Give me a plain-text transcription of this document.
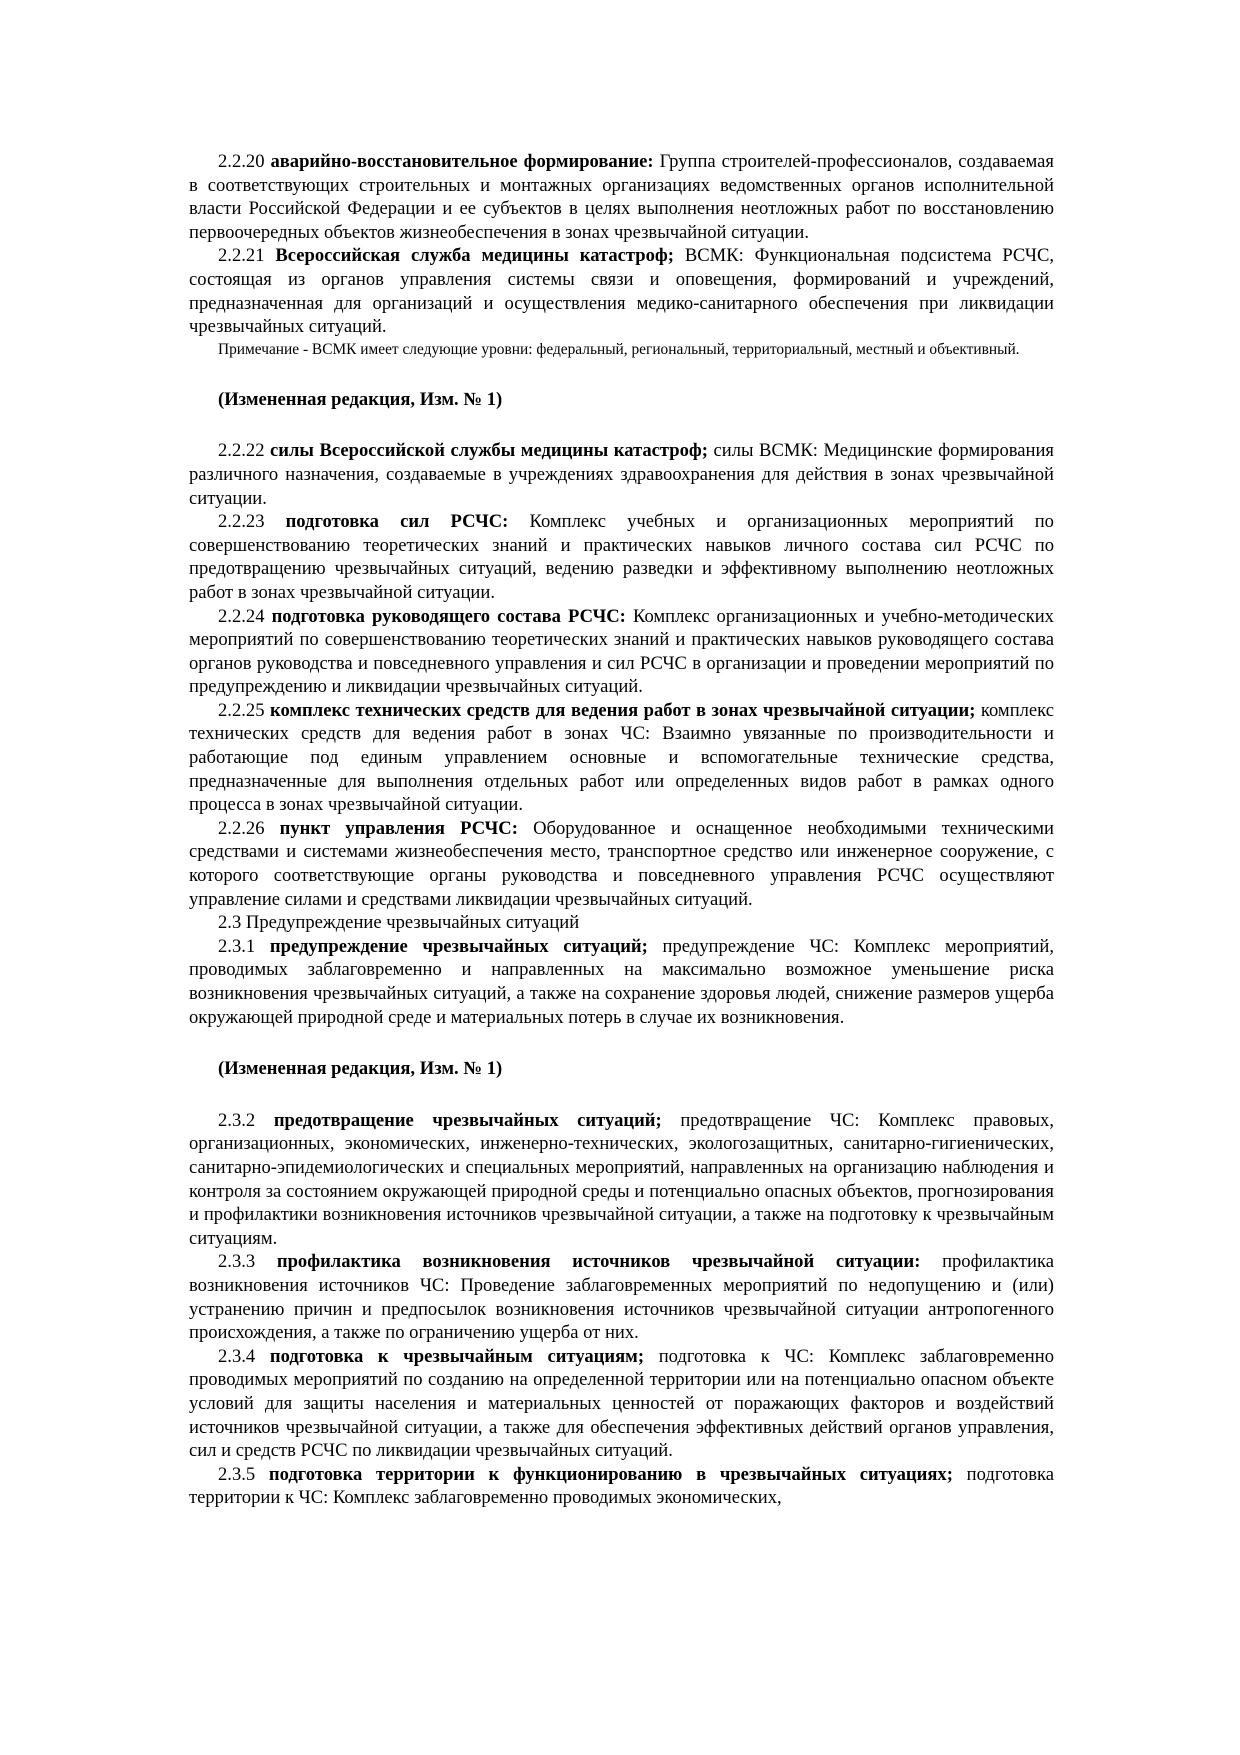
2.2.20 аварийно-восстановительное формирование: Группа строителей-профессионалов, создаваемая в соответствующих строительных и монтажных организациях ведомственных органов исполнительной власти Российской Федерации и ее субъектов в целях выполнения неотложных работ по восстановлению первоочередных объектов жизнеобеспечения в зонах чрезвычайной ситуации.

2.2.21 Всероссийская служба медицины катастроф; ВСМК: Функциональная подсистема РСЧС, состоящая из органов управления системы связи и оповещения, формирований и учреждений, предназначенная для организаций и осуществления медико-санитарного обеспечения при ликвидации чрезвычайных ситуаций.

Примечание - ВСМК имеет следующие уровни: федеральный, региональный, территориальный, местный и объективный.

(Измененная редакция, Изм. № 1)

2.2.22 силы Всероссийской службы медицины катастроф; силы ВСМК: Медицинские формирования различного назначения, создаваемые в учреждениях здравоохранения для действия в зонах чрезвычайной ситуации.

2.2.23 подготовка сил РСЧС: Комплекс учебных и организационных мероприятий по совершенствованию теоретических знаний и практических навыков личного состава сил РСЧС по предотвращению чрезвычайных ситуаций, ведению разведки и эффективному выполнению неотложных работ в зонах чрезвычайной ситуации.

2.2.24 подготовка руководящего состава РСЧС: Комплекс организационных и учебно-методических мероприятий по совершенствованию теоретических знаний и практических навыков руководящего состава органов руководства и повседневного управления и сил РСЧС в организации и проведении мероприятий по предупреждению и ликвидации чрезвычайных ситуаций.

2.2.25 комплекс технических средств для ведения работ в зонах чрезвычайной ситуации; комплекс технических средств для ведения работ в зонах ЧС: Взаимно увязанные по производительности и работающие под единым управлением основные и вспомогательные технические средства, предназначенные для выполнения отдельных работ или определенных видов работ в рамках одного процесса в зонах чрезвычайной ситуации.

2.2.26 пункт управления РСЧС: Оборудованное и оснащенное необходимыми техническими средствами и системами жизнеобеспечения место, транспортное средство или инженерное сооружение, с которого соответствующие органы руководства и повседневного управления РСЧС осуществляют управление силами и средствами ликвидации чрезвычайных ситуаций.

2.3 Предупреждение чрезвычайных ситуаций

2.3.1 предупреждение чрезвычайных ситуаций; предупреждение ЧС: Комплекс мероприятий, проводимых заблаговременно и направленных на максимально возможное уменьшение риска возникновения чрезвычайных ситуаций, а также на сохранение здоровья людей, снижение размеров ущерба окружающей природной среде и материальных потерь в случае их возникновения.

(Измененная редакция, Изм. № 1)

2.3.2 предотвращение чрезвычайных ситуаций; предотвращение ЧС: Комплекс правовых, организационных, экономических, инженерно-технических, экологозащитных, санитарно-гигиенических, санитарно-эпидемиологических и специальных мероприятий, направленных на организацию наблюдения и контроля за состоянием окружающей природной среды и потенциально опасных объектов, прогнозирования и профилактики возникновения источников чрезвычайной ситуации, а также на подготовку к чрезвычайным ситуациям.

2.3.3 профилактика возникновения источников чрезвычайной ситуации: профилактика возникновения источников ЧС: Проведение заблаговременных мероприятий по недопущению и (или) устранению причин и предпосылок возникновения источников чрезвычайной ситуации антропогенного происхождения, а также по ограничению ущерба от них.

2.3.4 подготовка к чрезвычайным ситуациям; подготовка к ЧС: Комплекс заблаговременно проводимых мероприятий по созданию на определенной территории или на потенциально опасном объекте условий для защиты населения и материальных ценностей от поражающих факторов и воздействий источников чрезвычайной ситуации, а также для обеспечения эффективных действий органов управления, сил и средств РСЧС по ликвидации чрезвычайных ситуаций.

2.3.5 подготовка территории к функционированию в чрезвычайных ситуациях; подготовка территории к ЧС: Комплекс заблаговременно проводимых экономических,
